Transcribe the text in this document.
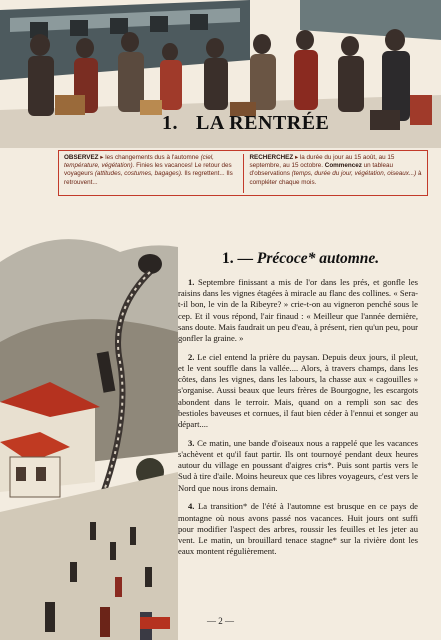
1. LA RENTRÉE
OBSERVEZ ▸ les changements dus à l'automne (ciel, température, végétation). Finies les vacances! Le retour des voyageurs (attitudes, costumes, bagages). Ils regrettent... Ils retrouvent...
RECHERCHEZ ▸ la durée du jour au 15 août, au 15 septembre, au 15 octobre. Commencez un tableau d'observations (temps, durée du jour, végétation, oiseaux...) à compléter chaque mois.
1. — Précoce* automne.

1. Septembre finissant a mis de l'or dans les prés, et gonfle les raisins dans les vignes étagées à miracle au flanc des collines. « Sera-t-il bon, le vin de la Ribeyre? » crie-t-on au vigneron penché sous le cep. Et il vous répond, l'air finaud : « Meilleur que l'année dernière, sans doute. Mais faudrait un peu d'eau, à présent, rien qu'un peu, pour gonfler la graine. »

2. Le ciel entend la prière du paysan. Depuis deux jours, il pleut, et le vent souffle dans la vallée.... Alors, à travers champs, dans les côtes, dans les vignes, dans les labours, la chasse aux « cagouilles » s'organise. Aussi beaux que leurs frères de Bourgogne, les escargots abondent dans le terroir. Mais, quand on a rempli son sac des bestioles baveuses et cornues, il faut bien céder à l'ennui et songer au départ....

3. Ce matin, une bande d'oiseaux nous a rappelé que les vacances s'achèvent et qu'il faut partir. Ils ont tournoyé pendant deux heures autour du village en poussant d'aigres cris*. Puis sont partis vers le Sud à tire d'aile. Moins heureux que ces libres voyageurs, c'est vers le Nord que nous irons demain.

4. La transition* de l'été à l'automne est brusque en ce pays de montagne où nous avons passé nos vacances. Huit jours ont suffi pour modifier l'aspect des arbres, roussir les feuilles et les jeter au vent. Le matin, un brouillard tenace stagne* sur la rivière dont les eaux montent régulièrement.

— 2 —
